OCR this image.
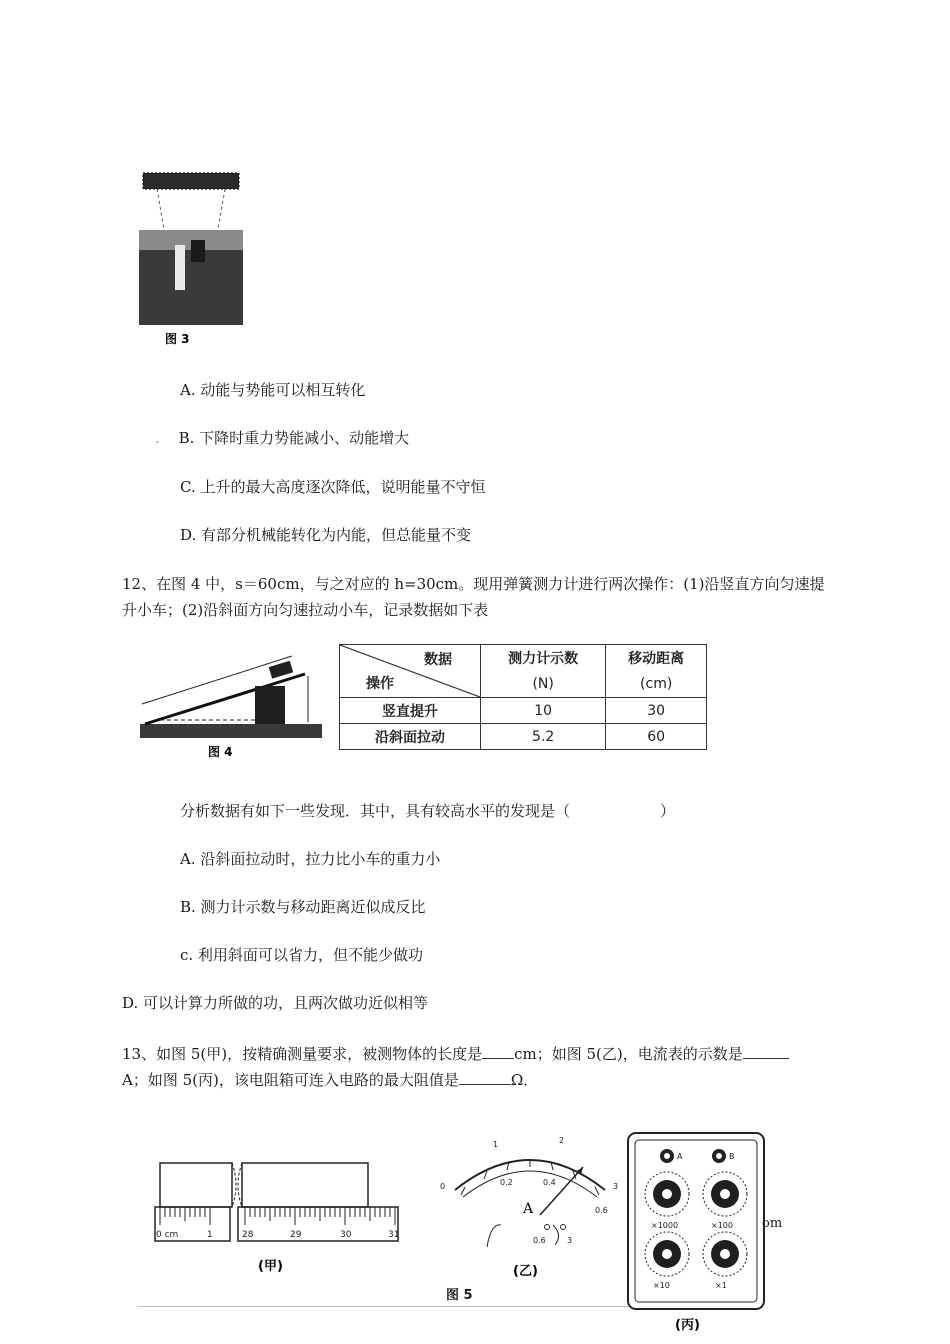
图 3
A. 动能与势能可以相互转化
. B. 下降时重力势能减小、动能增大
C. 上升的最大高度逐次降低，说明能量不守恒
D. 有部分机械能转化为内能，但总能量不变
12、在图 4 中，s＝60cm，与之对应的 h=30cm。现用弹簧测力计进行两次操作：(1)沿竖直方向匀速提
升小车；(2)沿斜面方向匀速拉动小车，记录数据如下表
图 4
数据
操作	测力计示数	移动距离
	(N)	(cm)
竖直提升	10	30
沿斜面拉动	5.2	60
分析数据有如下一些发现．其中，具有较高水平的发现是（	）
A. 沿斜面拉动时，拉力比小车的重力小
B. 测力计示数与移动距离近似成反比
c. 利用斜面可以省力，但不能少做功
D. 可以计算力所做的功，且两次做功近似相等
13、如图 5(甲)，按精确测量要求，被测物体的长度是 cm；如图 5(乙)，电流表的示数是
A；如图 5(丙)，该电阻箱可连入电路的最大阻值是	Ω．
0 cm	1	28	29	30	31
(甲)
0	0.2	0.4
0.6
1	2
3
A
0.6	3
(乙)
图 5
A	B
×1000	×100
×10	×1
(丙)
om
